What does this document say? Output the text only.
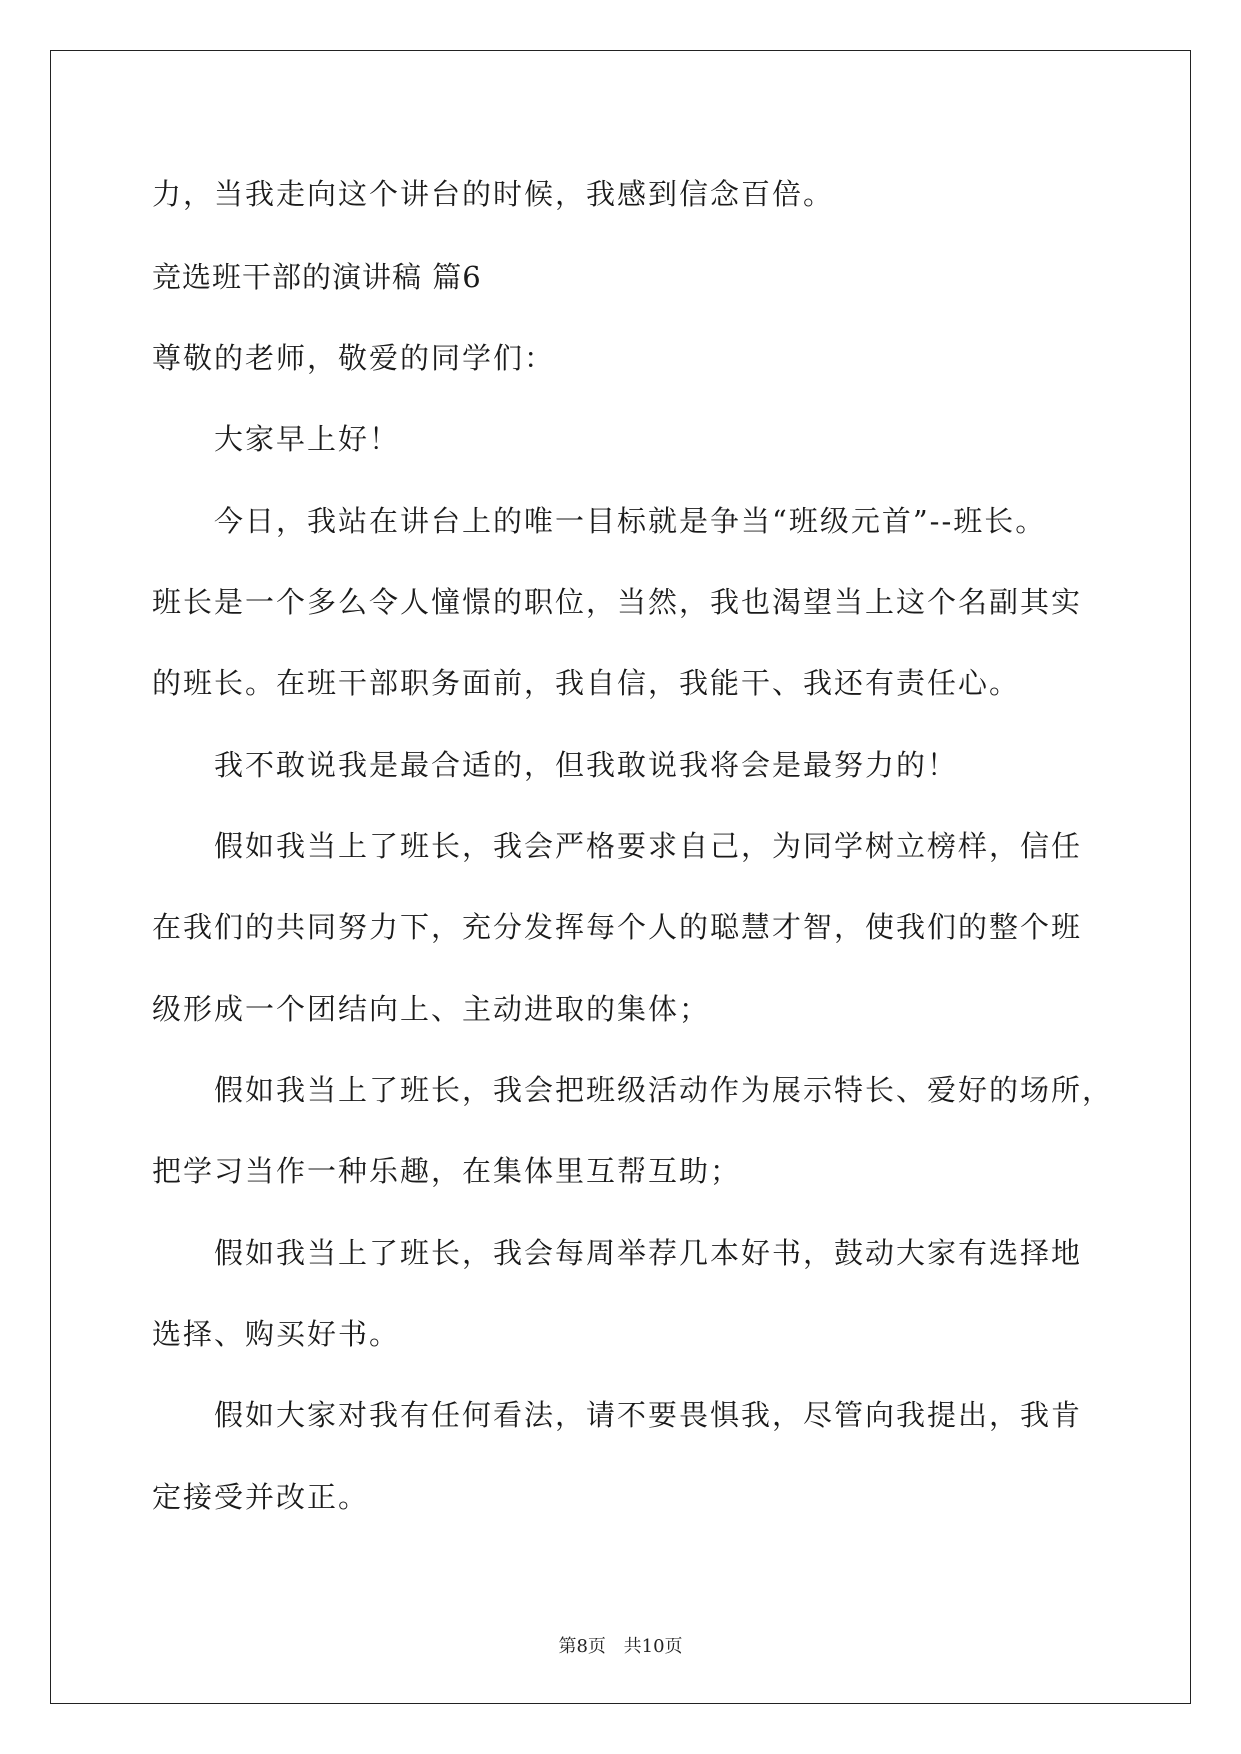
力，当我走向这个讲台的时候，我感到信念百倍。
竞选班干部的演讲稿 篇6
尊敬的老师，敬爱的同学们：
大家早上好！
今日，我站在讲台上的唯一目标就是争当“班级元首”--班长。
班长是一个多么令人憧憬的职位，当然，我也渴望当上这个名副其实
的班长。在班干部职务面前，我自信，我能干、我还有责任心。
我不敢说我是最合适的，但我敢说我将会是最努力的！
假如我当上了班长，我会严格要求自己，为同学树立榜样，信任
在我们的共同努力下，充分发挥每个人的聪慧才智，使我们的整个班
级形成一个团结向上、主动进取的集体；
假如我当上了班长，我会把班级活动作为展示特长、爱好的场所，
把学习当作一种乐趣，在集体里互帮互助；
假如我当上了班长，我会每周举荐几本好书，鼓动大家有选择地
选择、购买好书。
假如大家对我有任何看法，请不要畏惧我，尽管向我提出，我肯
定接受并改正。
第8页 共10页
